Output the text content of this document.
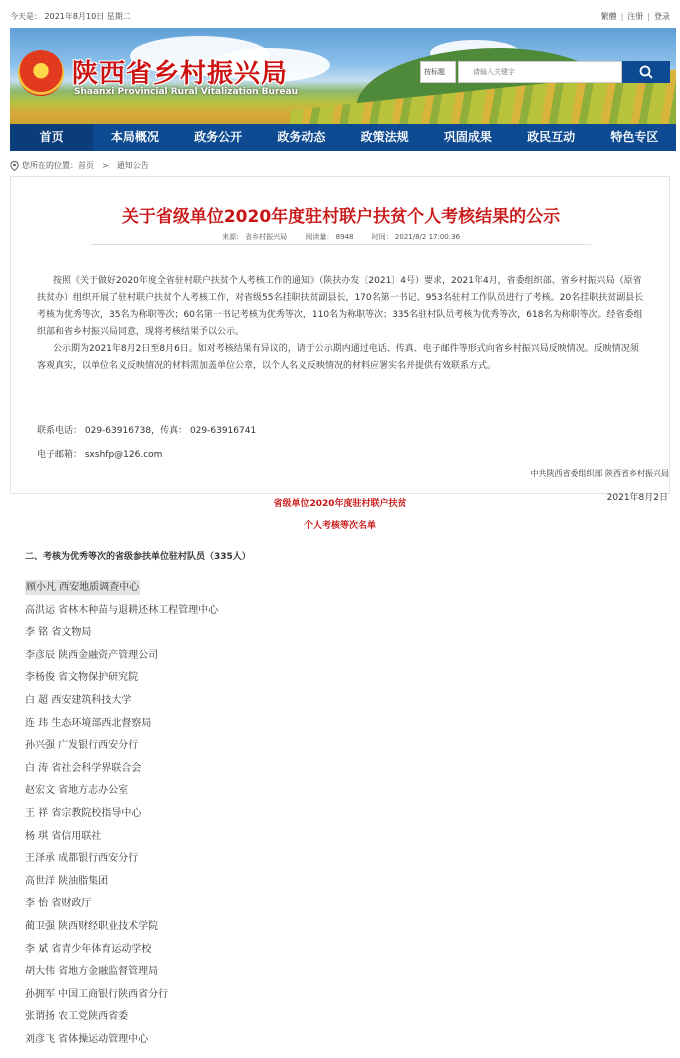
今天是： 2021年8月10日 星期二	繁體 | 注册 | 登录
陕西省乡村振兴局
Shaanxi Provincial Rural Vitalization Bureau
按标题
请输入关键字
首页	本局概况	政务公开	政务动态	政策法规	巩固成果	政民互动	特色专区
您所在的位置： 首页 > 通知公告
关于省级单位2020年度驻村联户扶贫个人考核结果的公示
来源： 省乡村振兴局	阅读量： 8948	时间： 2021/8/2 17:00:36

按照《关于做好2020年度全省驻村联户扶贫个人考核工作的通知》（陕扶办发〔2021〕4号）要求，2021年4月，省委组织部、省乡村振兴局（原省扶贫办）组织开展了驻村联户扶贫个人考核工作，对省级55名挂职扶贫副县长，170名第一书记、953名驻村工作队员进行了考核。20名挂职扶贫副县长考核为优秀等次，35名为称职等次；60名第一书记考核为优秀等次，110名为称职等次；335名驻村队员考核为优秀等次，618名为称职等次。经省委组织部和省乡村振兴局同意，现将考核结果予以公示。

公示期为2021年8月2日至8月6日。如对考核结果有异议的，请于公示期内通过电话、传真、电子邮件等形式向省乡村振兴局反映情况。反映情况须客观真实，以单位名义反映情况的材料需加盖单位公章，以个人名义反映情况的材料应署实名并提供有效联系方式。

联系电话： 029-63916738，传真： 029-63916741
电子邮箱： sxshfp@126.com
中共陕西省委组织部 陕西省乡村振兴局
2021年8月2日
省级单位2020年度驻村联户扶贫
个人考核等次名单
二、考核为优秀等次的省级参扶单位驻村队员（335人）
顾小凡 西安地质调查中心
高洪运 省林木种苗与退耕还林工程管理中心
李 铭 省文物局
李彦辰 陕西金融资产管理公司
李杨俊 省文物保护研究院
白 超 西安建筑科技大学
连 玮 生态环境部西北督察局
孙兴强 广发银行西安分行
白 涛 省社会科学界联合会
赵宏文 省地方志办公室
王 祥 省宗教院校指导中心
杨 琪 省信用联社
王泽承 成都银行西安分行
高世洋 陕油脂集团
李 怡 省财政厅
蔺卫强 陕西财经职业技术学院
李 斌 省青少年体育运动学校
胡大伟 省地方金融监督管理局
孙拥军 中国工商银行陕西省分行
张谓扬 农工党陕西省委
刘彦飞 省体操运动管理中心
